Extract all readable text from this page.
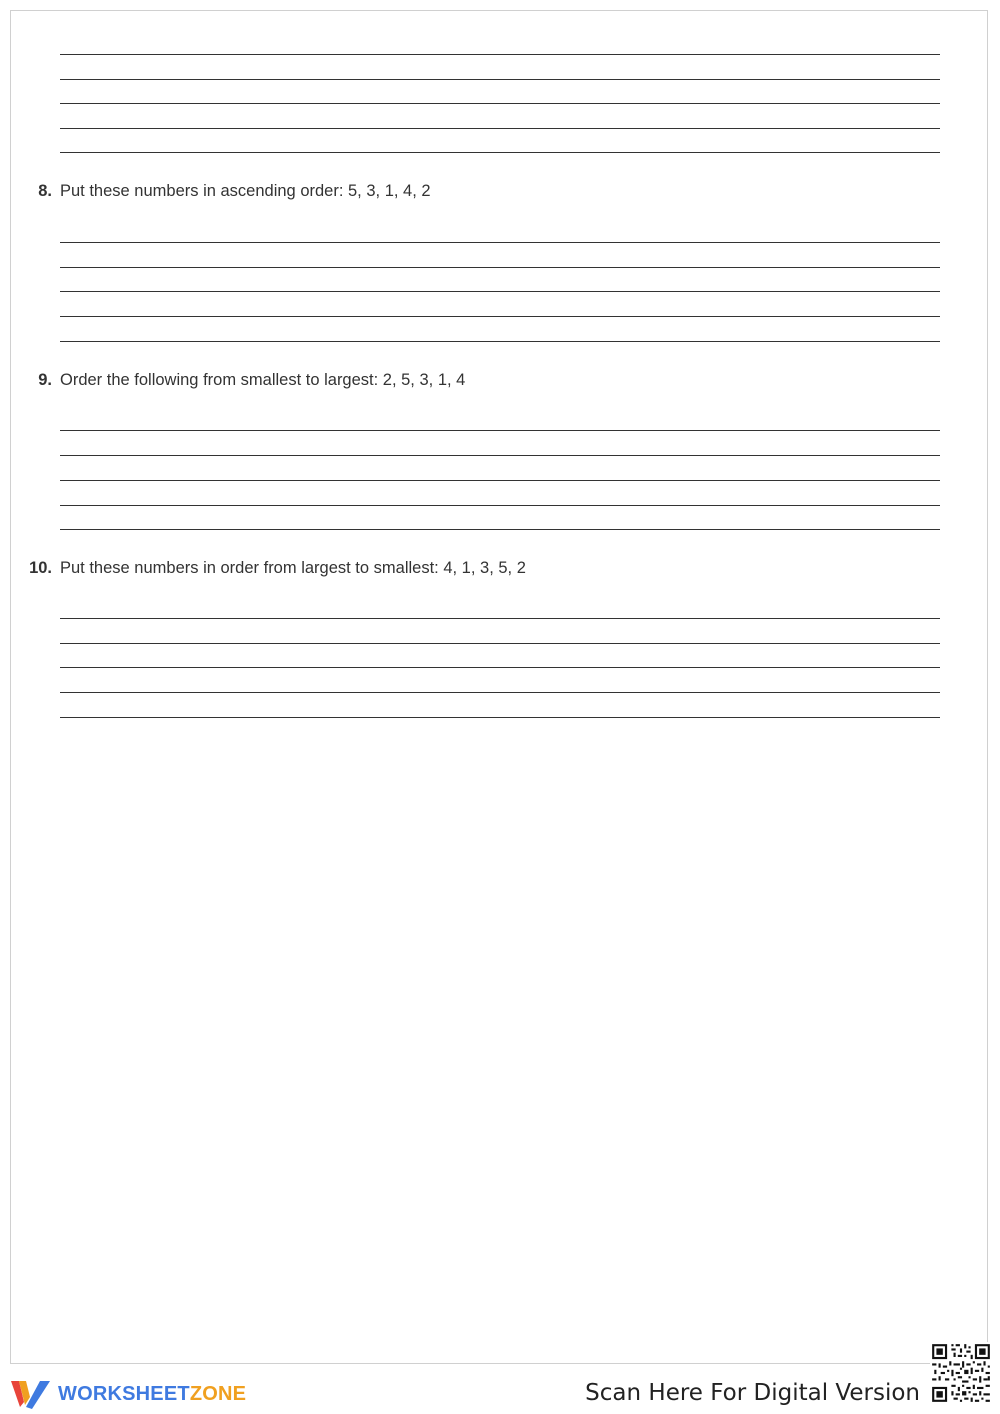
8. Put these numbers in ascending order: 5, 3, 1, 4, 2
9. Order the following from smallest to largest: 2, 5, 3, 1, 4
10. Put these numbers in order from largest to smallest: 4, 1, 3, 5, 2
WORKSHEETZONE	Scan Here For Digital Version
